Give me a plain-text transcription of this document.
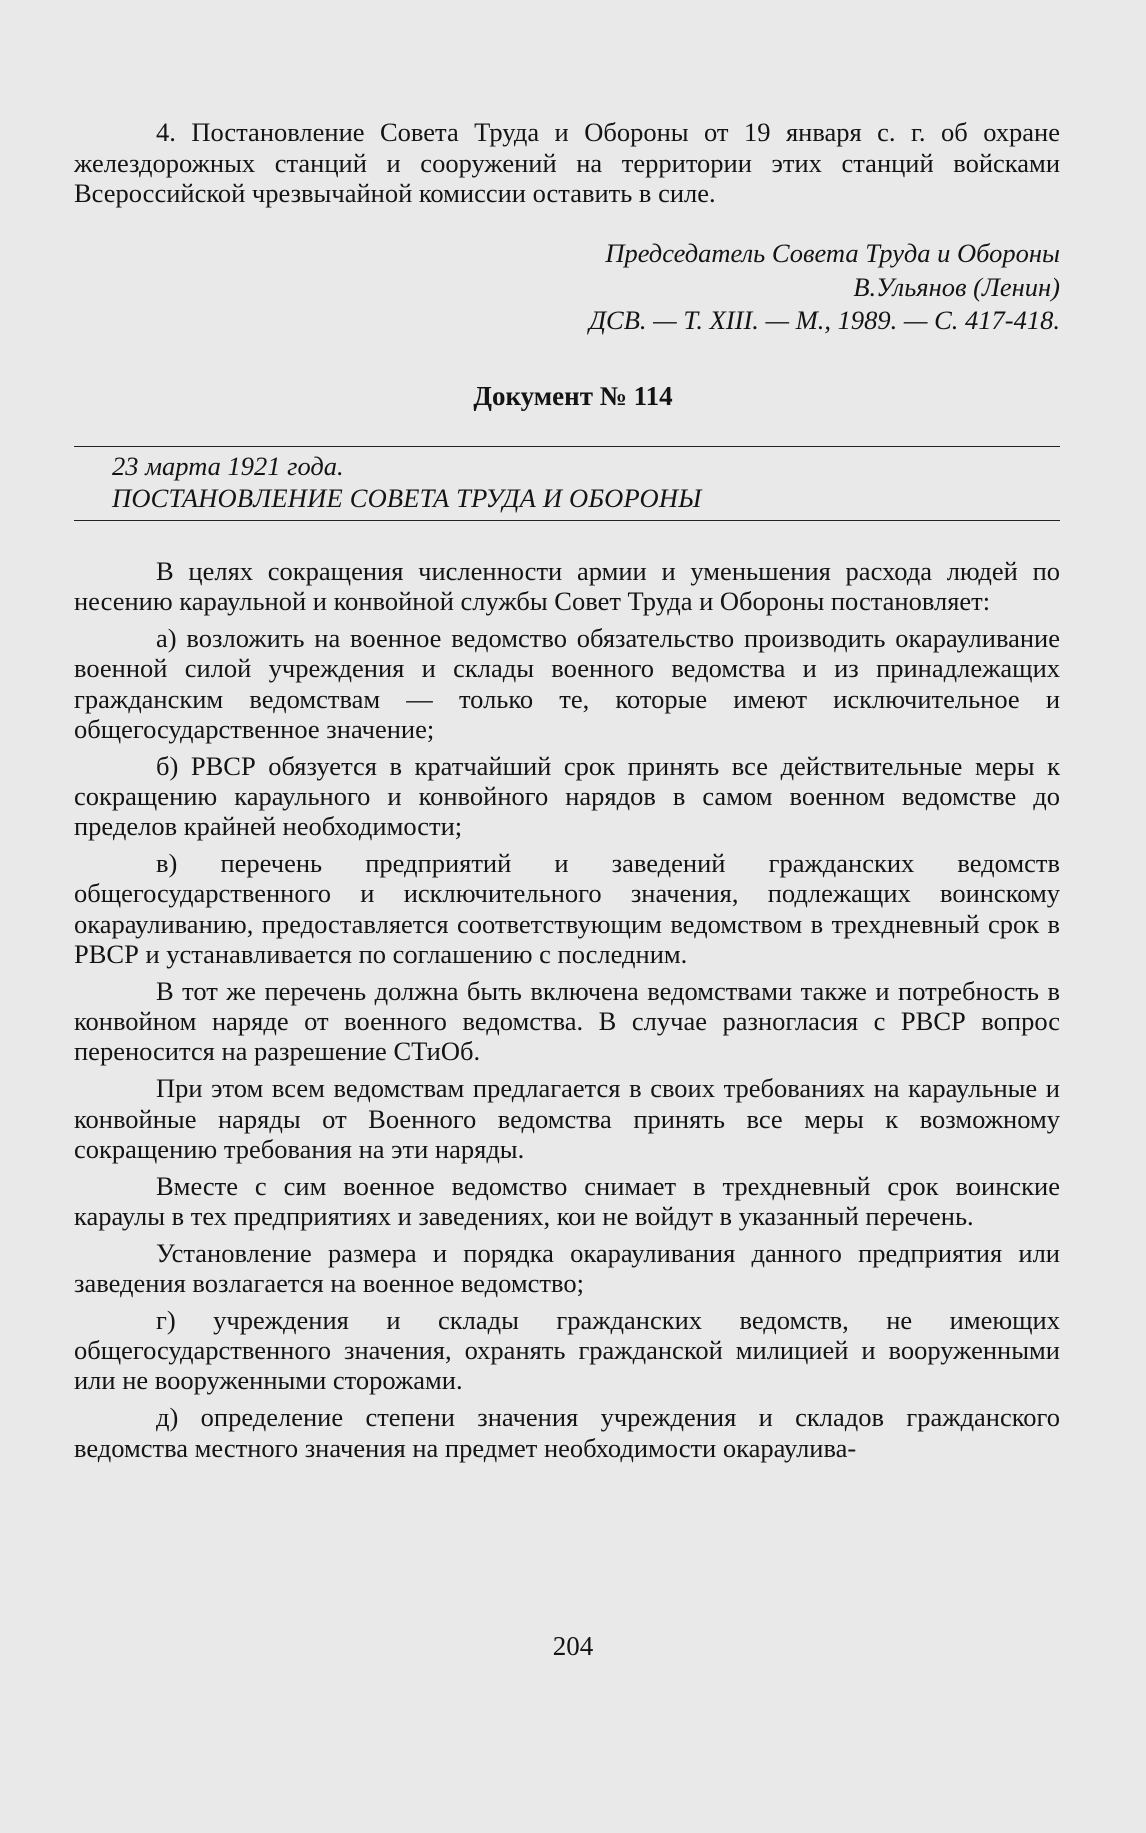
4. Постановление Совета Труда и Обороны от 19 января с. г. об охране желездорожных станций и сооружений на территории этих станций войсками Всероссийской чрезвычайной комиссии оставить в силе.

Председатель Совета Труда и Обороны

В.Ульянов (Ленин)

ДСВ. — Т. XIII. — М., 1989. — С. 417-418.

Документ № 114

23 марта 1921 года.

ПОСТАНОВЛЕНИЕ СОВЕТА ТРУДА И ОБОРОНЫ

В целях сокращения численности армии и уменьшения расхода людей по несению караульной и конвойной службы Совет Труда и Обороны постановляет:

а) возложить на военное ведомство обязательство производить окарауливание военной силой учреждения и склады военного ведомства и из принадлежащих гражданским ведомствам — только те, которые имеют исключительное и общегосударственное значение;

б) РВСР обязуется в кратчайший срок принять все действительные меры к сокращению караульного и конвойного нарядов в самом военном ведомстве до пределов крайней необходимости;

в) перечень предприятий и заведений гражданских ведомств общегосударственного и исключительного значения, подлежащих воинскому окарауливанию, предоставляется соответствующим ведомством в трехдневный срок в РВСР и устанавливается по соглашению с последним.

В тот же перечень должна быть включена ведомствами также и потребность в конвойном наряде от военного ведомства. В случае разногласия с РВСР вопрос переносится на разрешение СТиОб.

При этом всем ведомствам предлагается в своих требованиях на караульные и конвойные наряды от Военного ведомства принять все меры к возможному сокращению требования на эти наряды.

Вместе с сим военное ведомство снимает в трехдневный срок воинские караулы в тех предприятиях и заведениях, кои не войдут в указанный перечень.

Установление размера и порядка окарауливания данного предприятия или заведения возлагается на военное ведомство;

г) учреждения и склады гражданских ведомств, не имеющих общегосударственного значения, охранять гражданской милицией и вооруженными или не вооруженными сторожами.

д) определение степени значения учреждения и складов гражданского ведомства местного значения на предмет необходимости окараулива-

204
